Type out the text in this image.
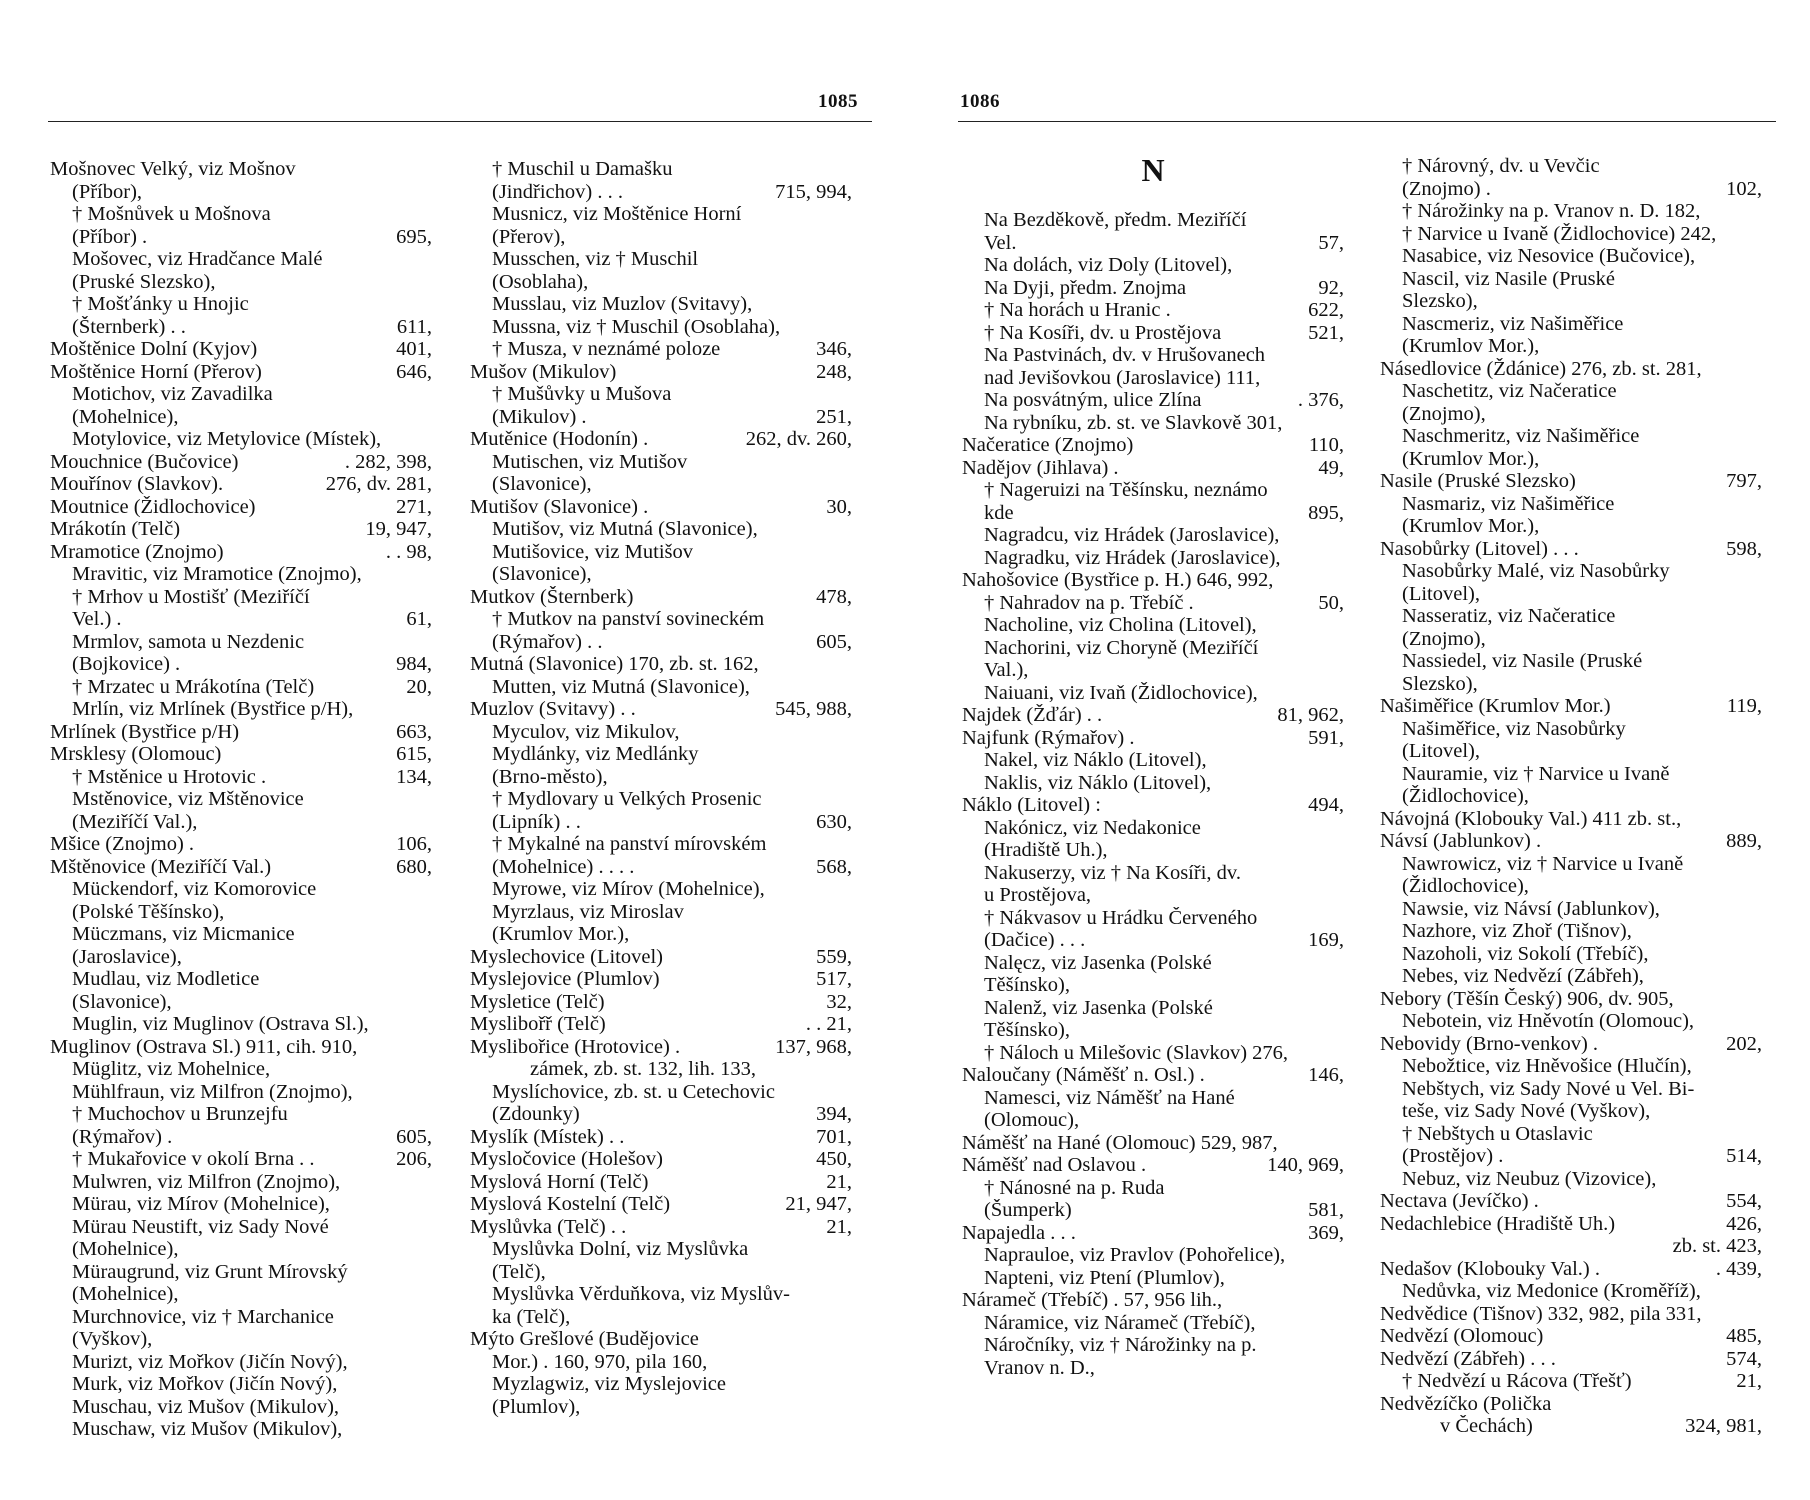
1085	1086
Mošnovec Velký, viz Mošnov
(Příbor),
† Mošnůvek u Mošnova
(Příbor) .	695,
Mošovec, viz Hradčance Malé
(Pruské Slezsko),
† Mošťánky u Hnojic
(Šternberk) . .	611,
Moštěnice Dolní (Kyjov)	401,
Moštěnice Horní (Přerov)	646,
Motichov, viz Zavadilka
(Mohelnice),
Motylovice, viz Metylovice (Místek),
Mouchnice (Bučovice)	. 282, 398,
Mouřínov (Slavkov).	276, dv. 281,
Moutnice (Židlochovice)	271,
Mrákotín (Telč)	19, 947,
Mramotice (Znojmo)	. . 98,
Mravitic, viz Mramotice (Znojmo),
† Mrhov u Mostišť (Meziříčí
Vel.) .	61,
Mrmlov, samota u Nezdenic
(Bojkovice) .	984,
† Mrzatec u Mrákotína (Telč)	20,
Mrlín, viz Mrlínek (Bystřice p/H),
Mrlínek (Bystřice p/H)	663,
Mrsklesy (Olomouc)	615,
† Mstěnice u Hrotovic .	134,
Mstěnovice, viz Mštěnovice
(Meziříčí Val.),
Mšice (Znojmo) .	106,
Mštěnovice (Meziříčí Val.)	680,
Mückendorf, viz Komorovice
(Polské Těšínsko),
Müczmans, viz Micmanice
(Jaroslavice),
Mudlau, viz Modletice
(Slavonice),
Muglin, viz Muglinov (Ostrava Sl.),
Muglinov (Ostrava Sl.) 911, cih. 910,
Müglitz, viz Mohelnice,
Mühlfraun, viz Milfron (Znojmo),
† Muchochov u Brunzejfu
(Rýmařov) .	605,
† Mukařovice v okolí Brna . .	206,
Mulwren, viz Milfron (Znojmo),
Mürau, viz Mírov (Mohelnice),
Mürau Neustift, viz Sady Nové
(Mohelnice),
Müraugrund, viz Grunt Mírovský
(Mohelnice),
Murchnovice, viz † Marchanice
(Vyškov),
Murizt, viz Mořkov (Jičín Nový),
Murk, viz Mořkov (Jičín Nový),
Muschau, viz Mušov (Mikulov),
Muschaw, viz Mušov (Mikulov),
† Muschil u Damašku
(Jindřichov) . . .	715, 994,
Musnicz, viz Moštěnice Horní
(Přerov),
Musschen, viz † Muschil
(Osoblaha),
Musslau, viz Muzlov (Svitavy),
Mussna, viz † Muschil (Osoblaha),
† Musza, v neznámé poloze	346,
Mušov (Mikulov)	248,
† Mušůvky u Mušova
(Mikulov) .	251,
Mutěnice (Hodonín) .	262, dv. 260,
Mutischen, viz Mutišov
(Slavonice),
Mutišov (Slavonice) .	30,
Mutišov, viz Mutná (Slavonice),
Mutišovice, viz Mutišov
(Slavonice),
Mutkov (Šternberk)	478,
† Mutkov na panství sovineckém
(Rýmařov) . .	605,
Mutná (Slavonice) 170, zb. st. 162,
Mutten, viz Mutná (Slavonice),
Muzlov (Svitavy) . .	545, 988,
Myculov, viz Mikulov,
Mydlánky, viz Medlánky
(Brno-město),
† Mydlovary u Velkých Prosenic
(Lipník) . .	630,
† Mykalné na panství mírovském
(Mohelnice) . . . .	568,
Myrowe, viz Mírov (Mohelnice),
Myrzlaus, viz Miroslav
(Krumlov Mor.),
Myslechovice (Litovel)	559,
Myslejovice (Plumlov)	517,
Mysletice (Telč)	32,
Myslibořř (Telč)	. . 21,
Myslibořice (Hrotovice) .	137, 968,
zámek, zb. st. 132, lih. 133,
Myslíchovice, zb. st. u Cetechovic
(Zdounky)	394,
Myslík (Místek) . .	701,
Mysločovice (Holešov)	450,
Myslová Horní (Telč)	21,
Myslová Kostelní (Telč)	21, 947,
Myslůvka (Telč) . .	21,
Myslůvka Dolní, viz Myslůvka
(Telč),
Myslůvka Věrduňkova, viz Myslův-
ka (Telč),
Mýto Grešlové (Budějovice
Mor.) . 160, 970, pila 160,
Myzlagwiz, viz Myslejovice
(Plumlov),
N
Na Bezděkově, předm. Meziříčí
Vel.	57,
Na dolách, viz Doly (Litovel),
Na Dyji, předm. Znojma	92,
† Na horách u Hranic .	622,
† Na Kosíři, dv. u Prostějova	521,
Na Pastvinách, dv. v Hrušovanech
nad Jevišovkou (Jaroslavice) 111,
Na posvátným, ulice Zlína	. 376,
Na rybníku, zb. st. ve Slavkově 301,
Načeratice (Znojmo)	110,
Nadějov (Jihlava) .	49,
† Nageruizi na Těšínsku, neznámo
kde	895,
Nagradcu, viz Hrádek (Jaroslavice),
Nagradku, viz Hrádek (Jaroslavice),
Nahošovice (Bystřice p. H.) 646, 992,
† Nahradov na p. Třebíč .	50,
Nacholine, viz Cholina (Litovel),
Nachorini, viz Choryně (Meziříčí
Val.),
Naiuani, viz Ivaň (Židlochovice),
Najdek (Žďár) . .	81, 962,
Najfunk (Rýmařov) .	591,
Nakel, viz Náklo (Litovel),
Naklis, viz Náklo (Litovel),
Náklo (Litovel) :	494,
Nakónicz, viz Nedakonice
(Hradiště Uh.),
Nakuserzy, viz † Na Kosíři, dv.
u Prostějova,
† Nákvasov u Hrádku Červeného
(Dačice) . . .	169,
Nalęcz, viz Jasenka (Polské
Těšínsko),
Nalenž, viz Jasenka (Polské
Těšínsko),
† Náloch u Milešovic (Slavkov) 276,
Naloučany (Náměšť n. Osl.) .	146,
Namesci, viz Náměšť na Hané
(Olomouc),
Náměšť na Hané (Olomouc) 529, 987,
Náměšť nad Oslavou .	140, 969,
† Nánosné na p. Ruda
(Šumperk)	581,
Napajedla . . .	369,
Naprauloe, viz Pravlov (Pohořelice),
Napteni, viz Ptení (Plumlov),
Náramеč (Třebíč) . 57, 956 lih.,
Náramice, viz Náramеč (Třebíč),
Náročníky, viz † Nárožinky na p.
Vranov n. D.,
† Nárovný, dv. u Vevčic
(Znojmo) .	102,
† Nárožinky na p. Vranov n. D. 182,
† Narvice u Ivaně (Židlochovice) 242,
Nasabice, viz Nesovice (Bučovice),
Nascil, viz Nasile (Pruské
Slezsko),
Nascmeriz, viz Našiměřice
(Krumlov Mor.),
Násedlovice (Ždánice) 276, zb. st. 281,
Naschetitz, viz Načeratice
(Znojmo),
Naschmeritz, viz Našiměřice
(Krumlov Mor.),
Nasile (Pruské Slezsko)	797,
Nasmariz, viz Našiměřice
(Krumlov Mor.),
Nasobůrky (Litovel) . . .	598,
Nasobůrky Malé, viz Nasobůrky
(Litovel),
Nasseratiz, viz Načeratice
(Znojmo),
Nassiedel, viz Nasile (Pruské
Slezsko),
Našiměřice (Krumlov Mor.)	119,
Našiměřice, viz Nasobůrky
(Litovel),
Nauramie, viz † Narvice u Ivaně
(Židlochovice),
Návojná (Klobouky Val.) 411 zb. st.,
Návsí (Jablunkov) .	889,
Nawrowicz, viz † Narvice u Ivaně
(Židlochovice),
Nawsie, viz Návsí (Jablunkov),
Nazhore, viz Zhoř (Tišnov),
Nazoholi, viz Sokolí (Třebíč),
Nebes, viz Nedvězí (Zábřeh),
Nebory (Těšín Český) 906, dv. 905,
Nebotein, viz Hněvotín (Olomouc),
Nebovidy (Brno-venkov) .	202,
Nebožtice, viz Hněvošice (Hlučín),
Nebštych, viz Sady Nové u Vel. Bi-
teše, viz Sady Nové (Vyškov),
† Nebštych u Otaslavic
(Prostějov) .	514,
Nebuz, viz Neubuz (Vizovice),
Nectava (Jevíčko) .	554,
Nedachlebice (Hradiště Uh.)	426,

zb. st. 423,
Nedašov (Klobouky Val.) .	. 439,
Nedůvka, viz Medonice (Kroměříž),
Nedvědice (Tišnov) 332, 982, pila 331,
Nedvězí (Olomouc)	485,
Nedvězí (Zábřeh) . . .	574,
† Nedvězí u Rácova (Třešť)	21,
Nedvězíčko (Polička
v Čechách)	324, 981,
